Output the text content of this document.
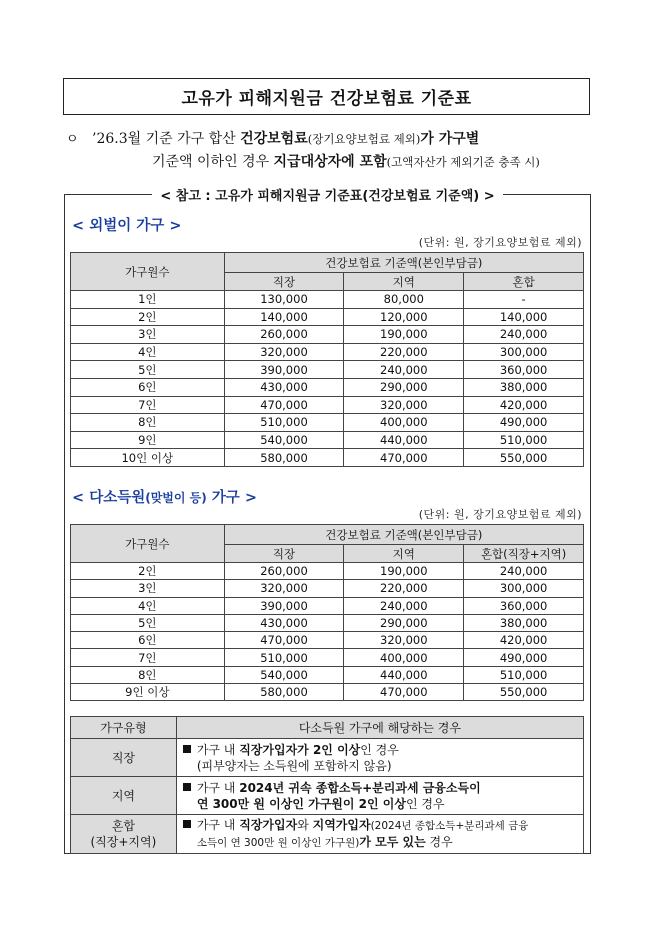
고유가 피해지원금 건강보험료 기준표
ㅇ ’26.3월 기준 가구 합산 건강보험료(장기요양보험료 제외)가 가구별
기준액 이하인 경우 지급대상자에 포함(고액자산가 제외기준 충족 시)
< 참고 : 고유가 피해지원금 기준표(건강보험료 기준액) >
< 외벌이 가구 >
(단위: 원, 장기요양보험료 제외)
가구원수	건강보험료 기준액(본인부담금)		
	직장	지역	혼합
1인	130,000	80,000	-
2인	140,000	120,000	140,000
3인	260,000	190,000	240,000
4인	320,000	220,000	300,000
5인	390,000	240,000	360,000
6인	430,000	290,000	380,000
7인	470,000	320,000	420,000
8인	510,000	400,000	490,000
9인	540,000	440,000	510,000
10인 이상	580,000	470,000	550,000
< 다소득원(맞벌이 등) 가구 >
(단위: 원, 장기요양보험료 제외)
가구원수	건강보험료 기준액(본인부담금)		
	직장	지역	혼합(직장+지역)
2인	260,000	190,000	240,000
3인	320,000	220,000	300,000
4인	390,000	240,000	360,000
5인	430,000	290,000	380,000
6인	470,000	320,000	420,000
7인	510,000	400,000	490,000
8인	540,000	440,000	510,000
9인 이상	580,000	470,000	550,000
가구유형	다소득원 가구에 해당하는 경우
직장	가구 내 직장가입자가 2인 이상인 경우
(피부양자는 소득원에 포함하지 않음)

지역	가구 내 2024년 귀속 종합소득+분리과세 금융소득이
연 300만 원 이상인 가구원이 2인 이상인 경우

혼합
(직장+지역)	가구 내 직장가입자와 지역가입자(2024년 종합소득+분리과세 금융
소득이 연 300만 원 이상인 가구원)가 모두 있는 경우
